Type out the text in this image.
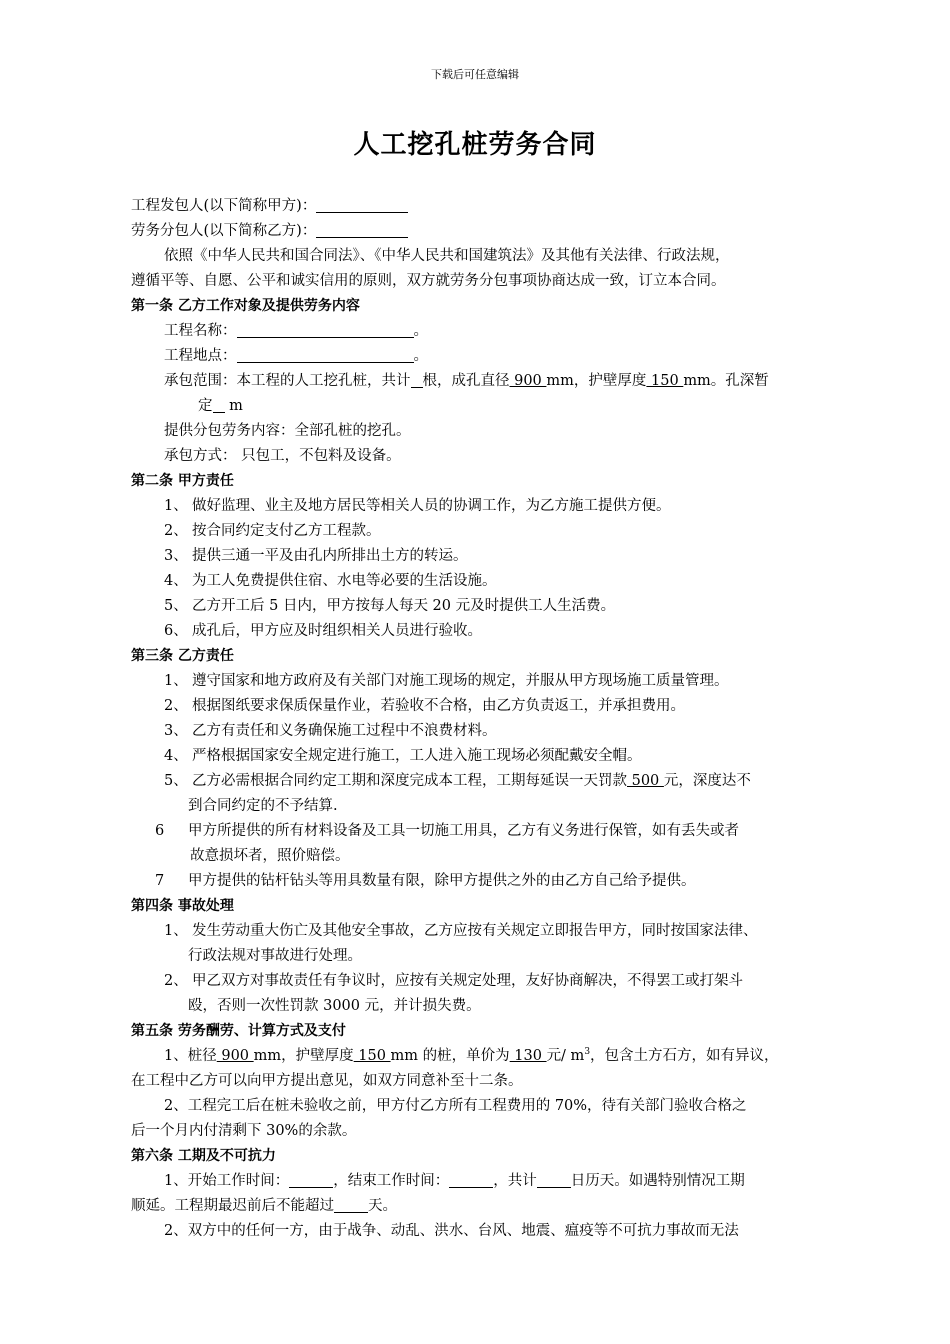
下载后可任意编辑
人工挖孔桩劳务合同
工程发包人(以下简称甲方)：
劳务分包人(以下简称乙方)：
依照《中华人民共和国合同法》、《中华人民共和国建筑法》及其他有关法律、行政法规，
遵循平等、自愿、公平和诚实信用的原则，双方就劳务分包事项协商达成一致，订立本合同。
第一条 乙方工作对象及提供劳务内容
工程名称：	。
工程地点：	。
承包范围：本工程的人工挖孔桩，共计 根，成孔直径 900 mm，护壁厚度 150 mm。孔深暂
定 m
提供分包劳务内容：全部孔桩的挖孔。
承包方式： 只包工，不包料及设备。
第二条 甲方责任
1、 做好监理、业主及地方居民等相关人员的协调工作，为乙方施工提供方便。
2、 按合同约定支付乙方工程款。
3、 提供三通一平及由孔内所排出土方的转运。
4、 为工人免费提供住宿、水电等必要的生活设施。
5、 乙方开工后 5 日内，甲方按每人每天 20 元及时提供工人生活费。
6、 成孔后，甲方应及时组织相关人员进行验收。
第三条 乙方责任
1、 遵守国家和地方政府及有关部门对施工现场的规定，并服从甲方现场施工质量管理。
2、 根据图纸要求保质保量作业，若验收不合格，由乙方负责返工，并承担费用。
3、 乙方有责任和义务确保施工过程中不浪费材料。
4、 严格根据国家安全规定进行施工，工人进入施工现场必须配戴安全帽。
5、 乙方必需根据合同约定工期和深度完成本工程，工期每延误一天罚款 500 元，深度达不
到合同约定的不予结算.
6 甲方所提供的所有材料设备及工具一切施工用具，乙方有义务进行保管，如有丢失或者
故意损坏者，照价赔偿。
7 甲方提供的钻杆钻头等用具数量有限，除甲方提供之外的由乙方自己给予提供。
第四条 事故处理
1、 发生劳动重大伤亡及其他安全事故，乙方应按有关规定立即报告甲方，同时按国家法律、
行政法规对事故进行处理。
2、 甲乙双方对事故责任有争议时，应按有关规定处理，友好协商解决，不得罢工或打架斗
殴，否则一次性罚款 3000 元，并计损失费。
第五条 劳务酬劳、计算方式及支付
1、桩径 900 mm，护壁厚度 150 mm 的桩，单价为 130 元/ $m^3$，包含土方石方，如有异议，
在工程中乙方可以向甲方提出意见，如双方同意补至十二条。
2、工程完工后在桩未验收之前，甲方付乙方所有工程费用的 70%，待有关部门验收合格之
后一个月内付清剩下 30%的余款。
第六条 工期及不可抗力
1、开始工作时间：	，结束工作时间：	，共计 日历天。如遇特别情况工期
顺延。工程期最迟前后不能超过 天。
2、双方中的任何一方，由于战争、动乱、洪水、台风、地震、瘟疫等不可抗力事故而无法
